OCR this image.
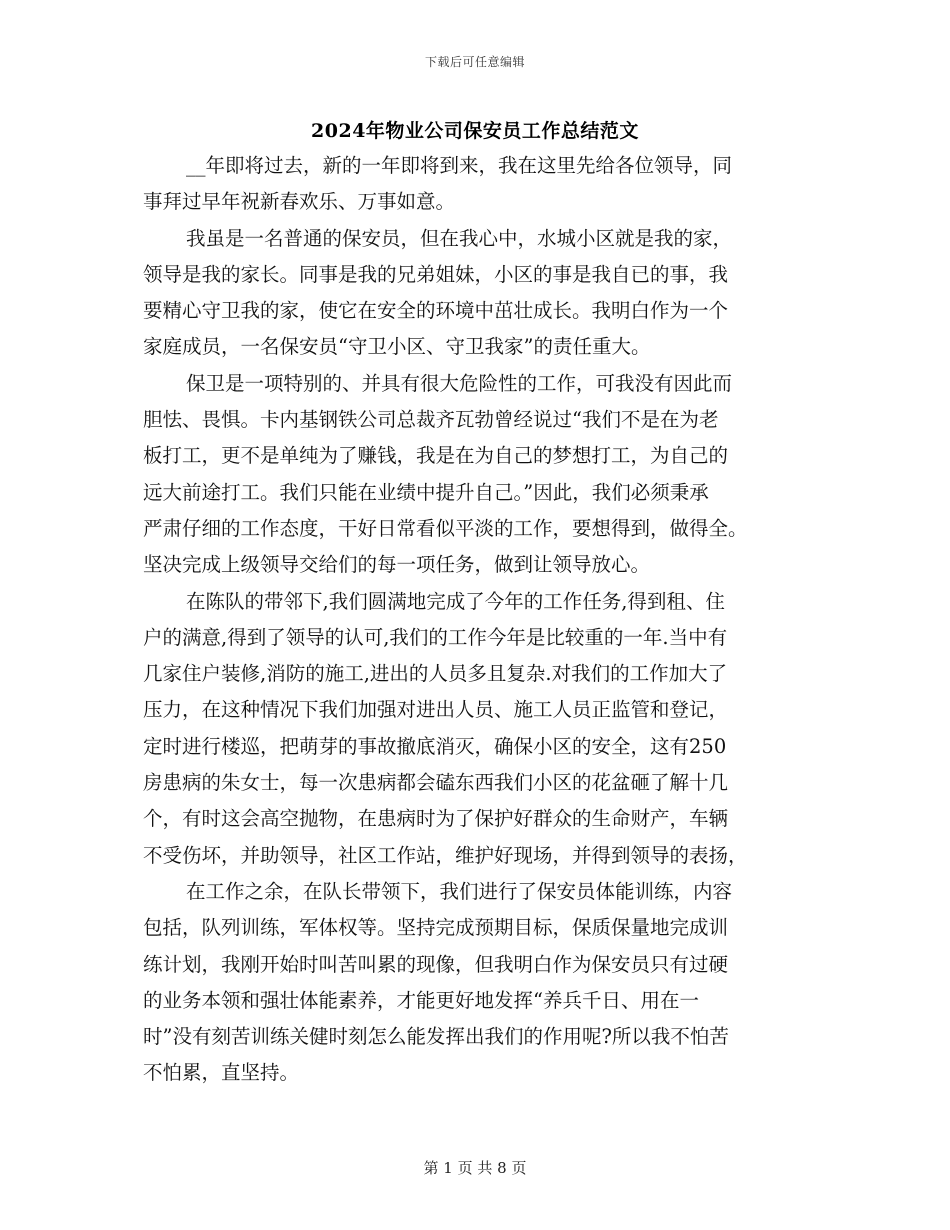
下载后可任意编辑
2024年物业公司保安员工作总结范文
__年即将过去，新的一年即将到来，我在这里先给各位领导，同
事拜过早年祝新春欢乐、万事如意。
我虽是一名普通的保安员，但在我心中，水城小区就是我的家，
领导是我的家长。同事是我的兄弟姐妹，小区的事是我自已的事，我
要精心守卫我的家，使它在安全的环境中茁壮成长。我明白作为一个
家庭成员，一名保安员“守卫小区、守卫我家”的责任重大。
保卫是一项特别的、并具有很大危险性的工作，可我没有因此而
胆怯、畏惧。卡内基钢铁公司总裁齐瓦勃曾经说过“我们不是在为老
板打工，更不是单纯为了赚钱，我是在为自己的梦想打工，为自己的
远大前途打工。我们只能在业绩中提升自己。”因此，我们必须秉承
严肃仔细的工作态度，干好日常看似平淡的工作，要想得到，做得全。
坚决完成上级领导交给们的每一项任务，做到让领导放心。
在陈队的带邻下,我们圆满地完成了今年的工作任务,得到租、住
户的满意,得到了领导的认可,我们的工作今年是比较重的一年.当中有
几家住户装修,消防的施工,进出的人员多且复杂.对我们的工作加大了
压力，在这种情况下我们加强对进出人员、施工人员正监管和登记，
定时进行楼巡，把萌芽的事故撤底消灭，确保小区的安全，这有250
房患病的朱女士，每一次患病都会磕东西我们小区的花盆砸了解十几
个，有时这会高空抛物，在患病时为了保护好群众的生命财产，车辆
不受伤坏，并助领导，社区工作站，维护好现场，并得到领导的表扬，
在工作之余，在队长带领下，我们进行了保安员体能训练，内容
包括，队列训练，军体权等。坚持完成预期目标，保质保量地完成训
练计划，我刚开始时叫苦叫累的现像，但我明白作为保安员只有过硬
的业务本领和强壮体能素养，才能更好地发挥“养兵千日、用在一
时”没有刻苦训练关健时刻怎么能发挥出我们的作用呢?所以我不怕苦
不怕累，直坚持。
第 1 页 共 8 页
